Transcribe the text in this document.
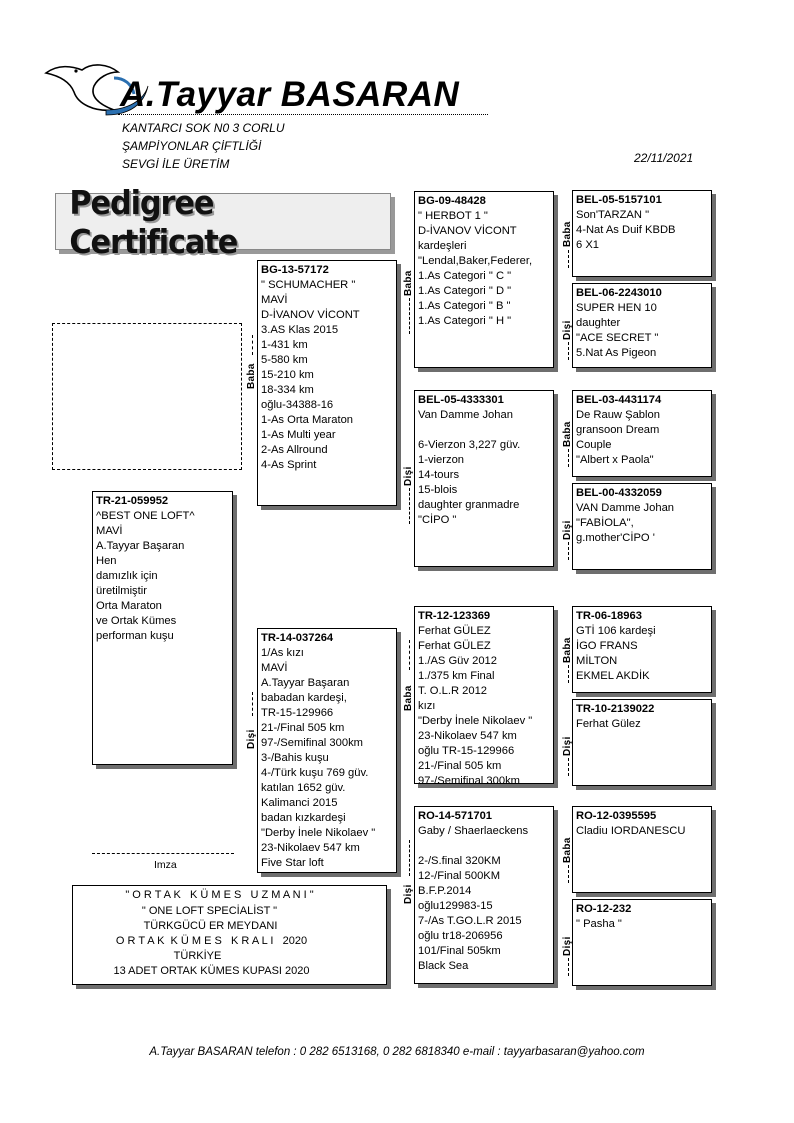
A.Tayyar BASARAN
KANTARCI SOK N0 3 CORLU
ŞAMPİYONLAR ÇİFTLİĞİ
SEVGİ İLE ÜRETİM	22/11/2021
Pedigree Certificate
TR-21-059952
^BEST ONE LOFT^
MAVİ
A.Tayyar Başaran
Hen
damızlık için
üretilmiştir
Orta Maraton
ve Ortak Kümes
performan kuşu
BG-13-57172
" SCHUMACHER "
MAVİ
D-İVANOV VİCONT
3.AS Klas 2015
1-431 km
5-580 km
15-210 km
18-334 km
oğlu-34388-16
1-As Orta Maraton
1-As Multi year
2-As Allround
4-As Sprint
TR-14-037264
1/As kızı
MAVİ
A.Tayyar Başaran
babadan kardeşi,
TR-15-129966
21-/Final 505 km
97-/Semifinal 300km
3-/Bahis kuşu
4-/Türk kuşu 769 güv.
katılan 1652 güv.
Kalimanci 2015
badan kızkardeşi
"Derby İnele Nikolaev "
23-Nikolaev 547 km
Five Star loft
BG-09-48428
" HERBOT 1 "
D-İVANOV VİCONT
kardeşleri
"Lendal,Baker,Federer,
1.As Categori " C "
1.As Categori " D "
1.As Categori " B "
1.As Categori " H "
BEL-05-4333301
Van Damme Johan

6-Vierzon 3,227 güv.
1-vierzon
14-tours
15-blois
daughter granmadre
"CİPO "
TR-12-123369
Ferhat GÜLEZ
Ferhat GÜLEZ
1./AS Güv 2012
1./375 km Final
T. O.L.R 2012
kızı
"Derby İnele Nikolaev "
23-Nikolaev 547 km
oğlu TR-15-129966
21-/Final 505 km
97-/Semifinal 300km
RO-14-571701
Gaby / Shaerlaeckens

2-/S.final 320KM
12-/Final 500KM
B.F.P.2014
oğlu129983-15
7-/As T.GO.L.R 2015
oğlu tr18-206956
101/Final 505km
Black Sea
BEL-05-5157101
Son'TARZAN "
4-Nat As Duif KBDB
6 X1
BEL-06-2243010
SUPER HEN 10
daughter
"ACE SECRET "
5.Nat As Pigeon
BEL-03-4431174
De Rauw Şablon
gransoon Dream
Couple
"Albert x Paola"
BEL-00-4332059
VAN Damme Johan
"FABİOLA",
g.mother'CİPO '
TR-06-18963
GTİ 106 kardeşi
İGO FRANS
MİLTON
EKMEL AKDİK
TR-10-2139022
Ferhat Gülez
RO-12-0395595
Cladiu IORDANESCU
RO-12-232
" Pasha "
Baba
Dişi
Baba
Dişi
Baba
Dişi
Baba
Dişi
Baba
Dişi
Baba
Dişi
Baba
Dişi
Imza
" O R T A K   K Ü M E S   U Z M A N I "
" ONE LOFT SPECİALİST "
TÜRKGÜCÜ ER MEYDANI
O R T A K  K Ü M E S   K R A L I   2020
TÜRKİYE
13 ADET ORTAK KÜMES KUPASI 2020
A.Tayyar BASARAN telefon : 0 282 6513168, 0 282 6818340 e-mail : tayyarbasaran@yahoo.com
